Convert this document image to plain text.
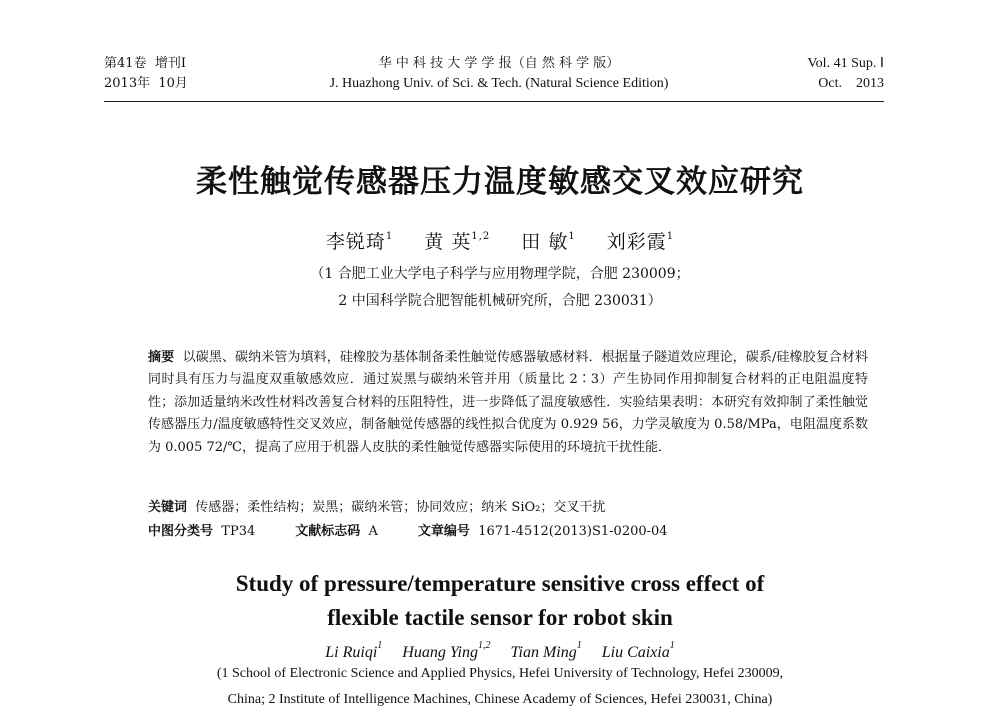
第41卷 增刊Ⅰ
2013年 10月
华 中 科 技 大 学 学 报（自 然 科 学 版）
J. Huazhong Univ. of Sci. & Tech. (Natural Science Edition)
Vol. 41 Sup. Ⅰ
Oct.    2013
柔性触觉传感器压力温度敏感交叉效应研究
李锐琦$^1$ 黄 英$^{1,2}$ 田 敏$^1$ 刘彩霞$^1$
（1 合肥工业大学电子科学与应用物理学院，合肥 230009；
2 中国科学院合肥智能机械研究所，合肥 230031）
摘要 以碳黑、碳纳米管为填料，硅橡胶为基体制备柔性触觉传感器敏感材料．根据量子隧道效应理论，碳系/硅橡胶复合材料同时具有压力与温度双重敏感效应．通过炭黑与碳纳米管并用（质量比 2∶3）产生协同作用抑制复合材料的正电阻温度特性；添加适量纳米改性材料改善复合材料的压阻特性，进一步降低了温度敏感性．实验结果表明：本研究有效抑制了柔性触觉传感器压力/温度敏感特性交叉效应，制备触觉传感器的线性拟合优度为 0.929 56，力学灵敏度为 0.58/MPa，电阻温度系数为 0.005 72/℃，提高了应用于机器人皮肤的柔性触觉传感器实际使用的环境抗干扰性能．
关键词 传感器；柔性结构；炭黑；碳纳米管；协同效应；纳米 SiO₂；交叉干扰
中图分类号 TP34	文献标志码 A	文章编号 1671-4512(2013)S1-0200-04
Study of pressure/temperature sensitive cross effect of
flexible tactile sensor for robot skin
Li Ruiqi$^1$ Huang Ying$^{1,2}$ Tian Ming$^1$ Liu Caixia$^1$
(1 School of Electronic Science and Applied Physics, Hefei University of Technology, Hefei 230009,
China; 2 Institute of Intelligence Machines, Chinese Academy of Sciences, Hefei 230031, China)
